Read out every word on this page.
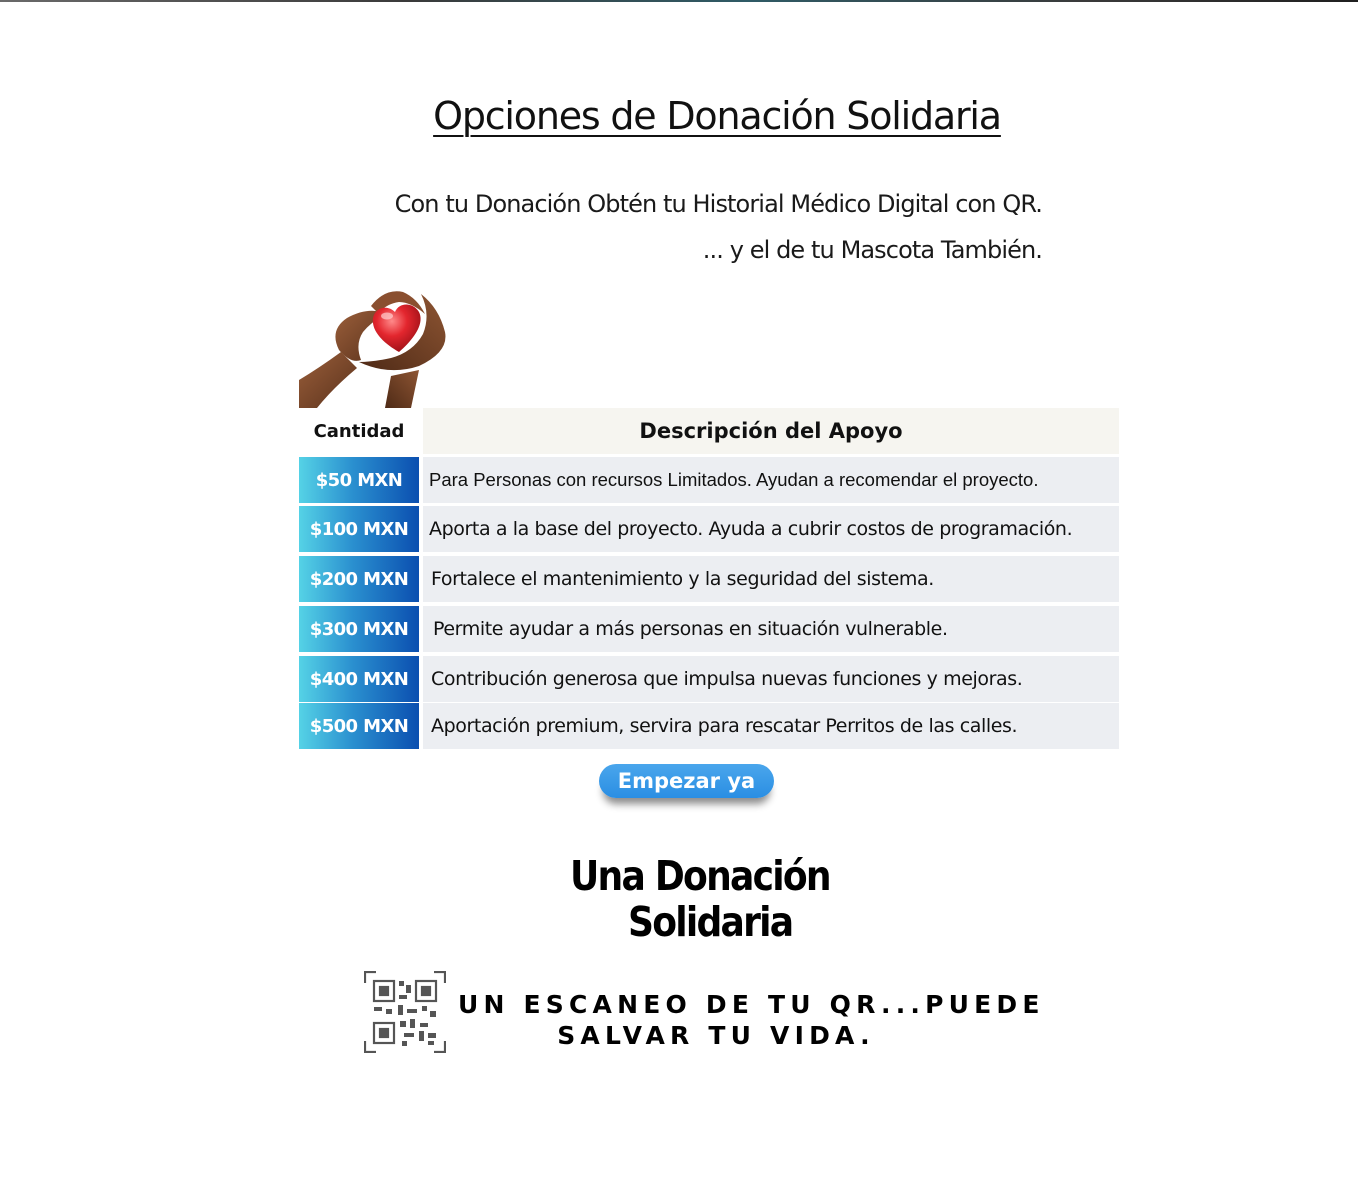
Opciones de Donación Solidaria
Con tu Donación Obtén tu Historial Médico Digital con QR.
... y el de tu Mascota También.
Cantidad	Descripción del Apoyo
$50 MXN	Para Personas con recursos Limitados. Ayudan a recomendar el proyecto.
$100 MXN	Aporta a la base del proyecto. Ayuda a cubrir costos de programación.
$200 MXN	Fortalece el mantenimiento y la seguridad del sistema.
$300 MXN	Permite ayudar a más personas en situación vulnerable.
$400 MXN	Contribución generosa que impulsa nuevas funciones y mejoras.
$500 MXN	Aportación premium, servira para rescatar Perritos de las calles.
Empezar ya
Una Donación
Solidaria
UN ESCANEO DE TU QR...PUEDE
SALVAR TU VIDA.
